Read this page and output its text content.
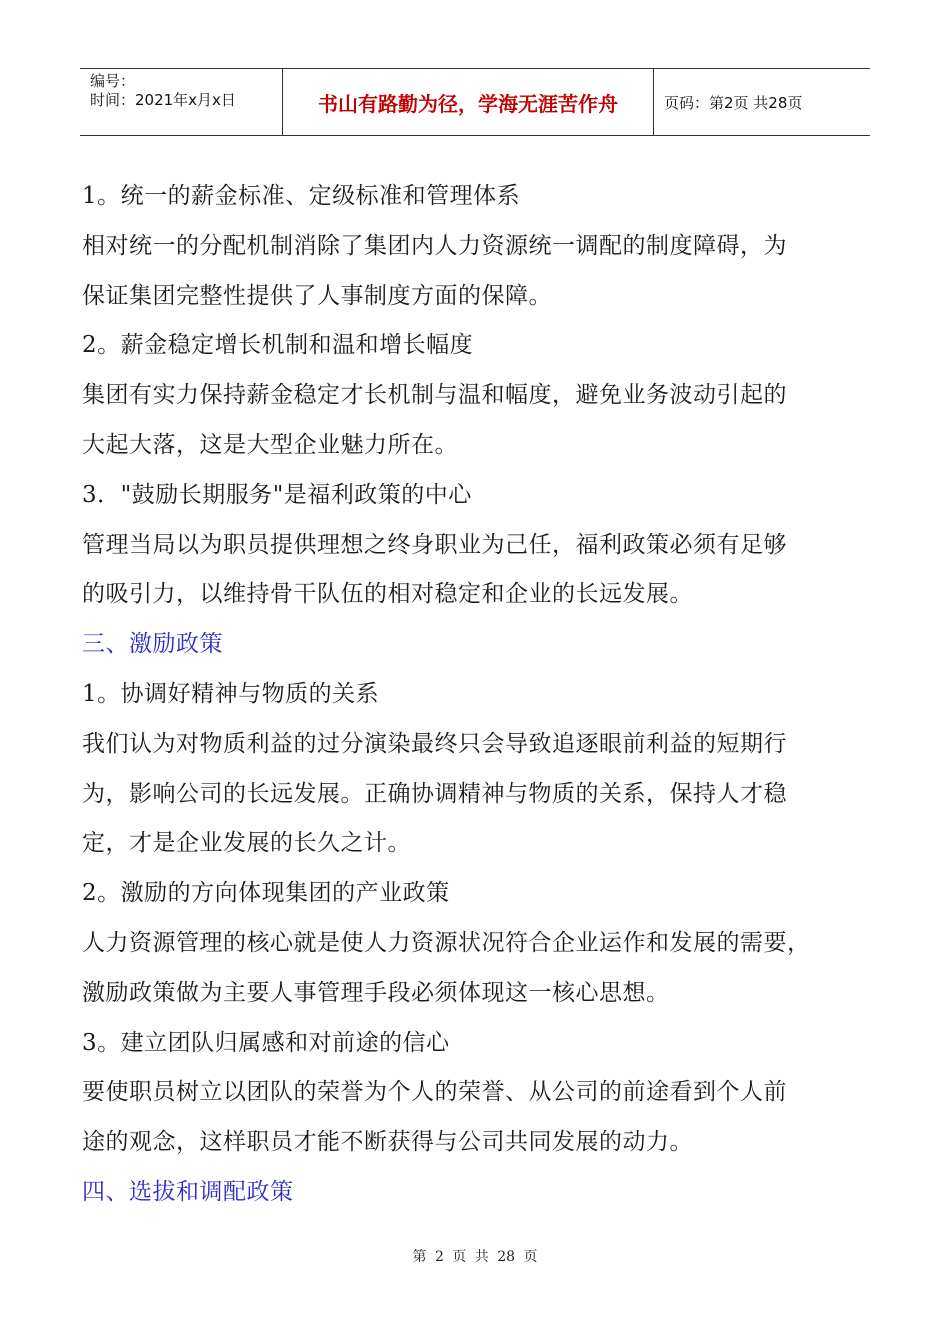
编号：
时间：2021年x月x日	书山有路勤为径，学海无涯苦作舟	页码：第2页 共28页
1。统一的薪金标准、定级标准和管理体系
相对统一的分配机制消除了集团内人力资源统一调配的制度障碍，为
保证集团完整性提供了人事制度方面的保障。
2。薪金稳定增长机制和温和增长幅度
集团有实力保持薪金稳定才长机制与温和幅度，避免业务波动引起的
大起大落，这是大型企业魅力所在。
3．"鼓励长期服务"是福利政策的中心
管理当局以为职员提供理想之终身职业为己任，福利政策必须有足够
的吸引力，以维持骨干队伍的相对稳定和企业的长远发展。
三、激励政策
1。协调好精神与物质的关系
我们认为对物质利益的过分演染最终只会导致追逐眼前利益的短期行
为，影响公司的长远发展。正确协调精神与物质的关系，保持人才稳
定，才是企业发展的长久之计。
2。激励的方向体现集团的产业政策
人力资源管理的核心就是使人力资源状况符合企业运作和发展的需要，
激励政策做为主要人事管理手段必须体现这一核心思想。
3。建立团队归属感和对前途的信心
要使职员树立以团队的荣誉为个人的荣誉、从公司的前途看到个人前
途的观念，这样职员才能不断获得与公司共同发展的动力。
四、选拔和调配政策
第 2 页 共 28 页
